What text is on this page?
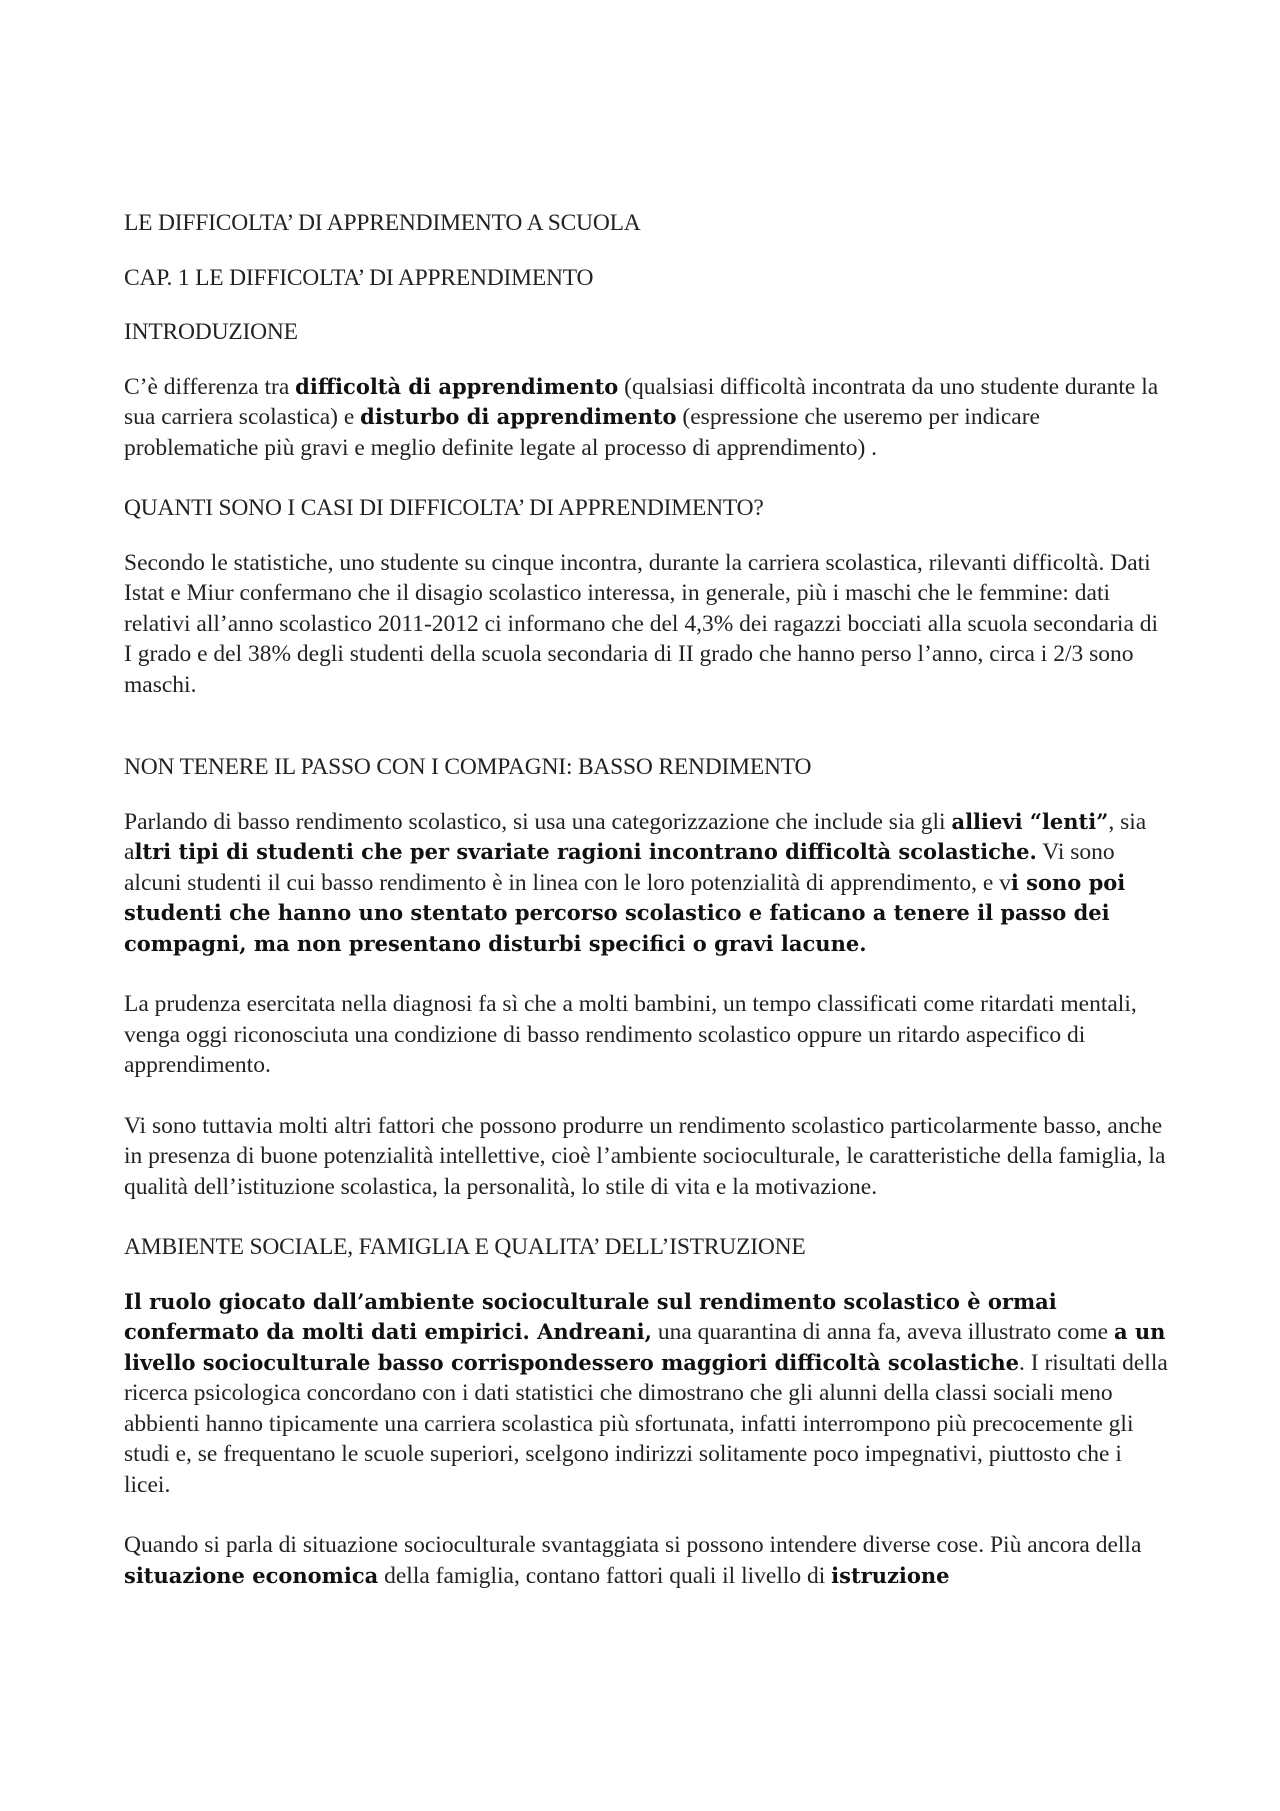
LE DIFFICOLTA’ DI APPRENDIMENTO A SCUOLA
CAP. 1 LE DIFFICOLTA’ DI APPRENDIMENTO
INTRODUZIONE

C’è differenza tra difficoltà di apprendimento (qualsiasi difficoltà incontrata da uno studente durante la sua carriera scolastica) e disturbo di apprendimento (espressione che useremo per indicare problematiche più gravi e meglio definite legate al processo di apprendimento) .

QUANTI SONO I CASI DI DIFFICOLTA’ DI APPRENDIMENTO?

Secondo le statistiche, uno studente su cinque incontra, durante la carriera scolastica, rilevanti difficoltà. Dati Istat e Miur confermano che il disagio scolastico interessa, in generale, più i maschi che le femmine: dati relativi all’anno scolastico 2011-2012 ci informano che del 4,3% dei ragazzi bocciati alla scuola secondaria di I grado e del 38% degli studenti della scuola secondaria di II grado che hanno perso l’anno, circa i 2/3 sono maschi.

NON TENERE IL PASSO CON I COMPAGNI: BASSO RENDIMENTO

Parlando di basso rendimento scolastico, si usa una categorizzazione che include sia gli allievi “lenti”, sia altri tipi di studenti che per svariate ragioni incontrano difficoltà scolastiche. Vi sono alcuni studenti il cui basso rendimento è in linea con le loro potenzialità di apprendimento, e vi sono poi studenti che hanno uno stentato percorso scolastico e faticano a tenere il passo dei compagni, ma non presentano disturbi specifici o gravi lacune.

La prudenza esercitata nella diagnosi fa sì che a molti bambini, un tempo classificati come ritardati mentali, venga oggi riconosciuta una condizione di basso rendimento scolastico oppure un ritardo aspecifico di apprendimento.

Vi sono tuttavia molti altri fattori che possono produrre un rendimento scolastico particolarmente basso, anche in presenza di buone potenzialità intellettive, cioè l’ambiente socioculturale, le caratteristiche della famiglia, la qualità dell’istituzione scolastica, la personalità, lo stile di vita e la motivazione.

AMBIENTE SOCIALE, FAMIGLIA E QUALITA’ DELL’ISTRUZIONE

Il ruolo giocato dall’ambiente socioculturale sul rendimento scolastico è ormai confermato da molti dati empirici. Andreani, una quarantina di anna fa, aveva illustrato come a un livello socioculturale basso corrispondessero maggiori difficoltà scolastiche. I risultati della ricerca psicologica concordano con i dati statistici che dimostrano che gli alunni della classi sociali meno abbienti hanno tipicamente una carriera scolastica più sfortunata, infatti interrompono più precocemente gli studi e, se frequentano le scuole superiori, scelgono indirizzi solitamente poco impegnativi, piuttosto che i licei.

Quando si parla di situazione socioculturale svantaggiata si possono intendere diverse cose. Più ancora della situazione economica della famiglia, contano fattori quali il livello di istruzione
